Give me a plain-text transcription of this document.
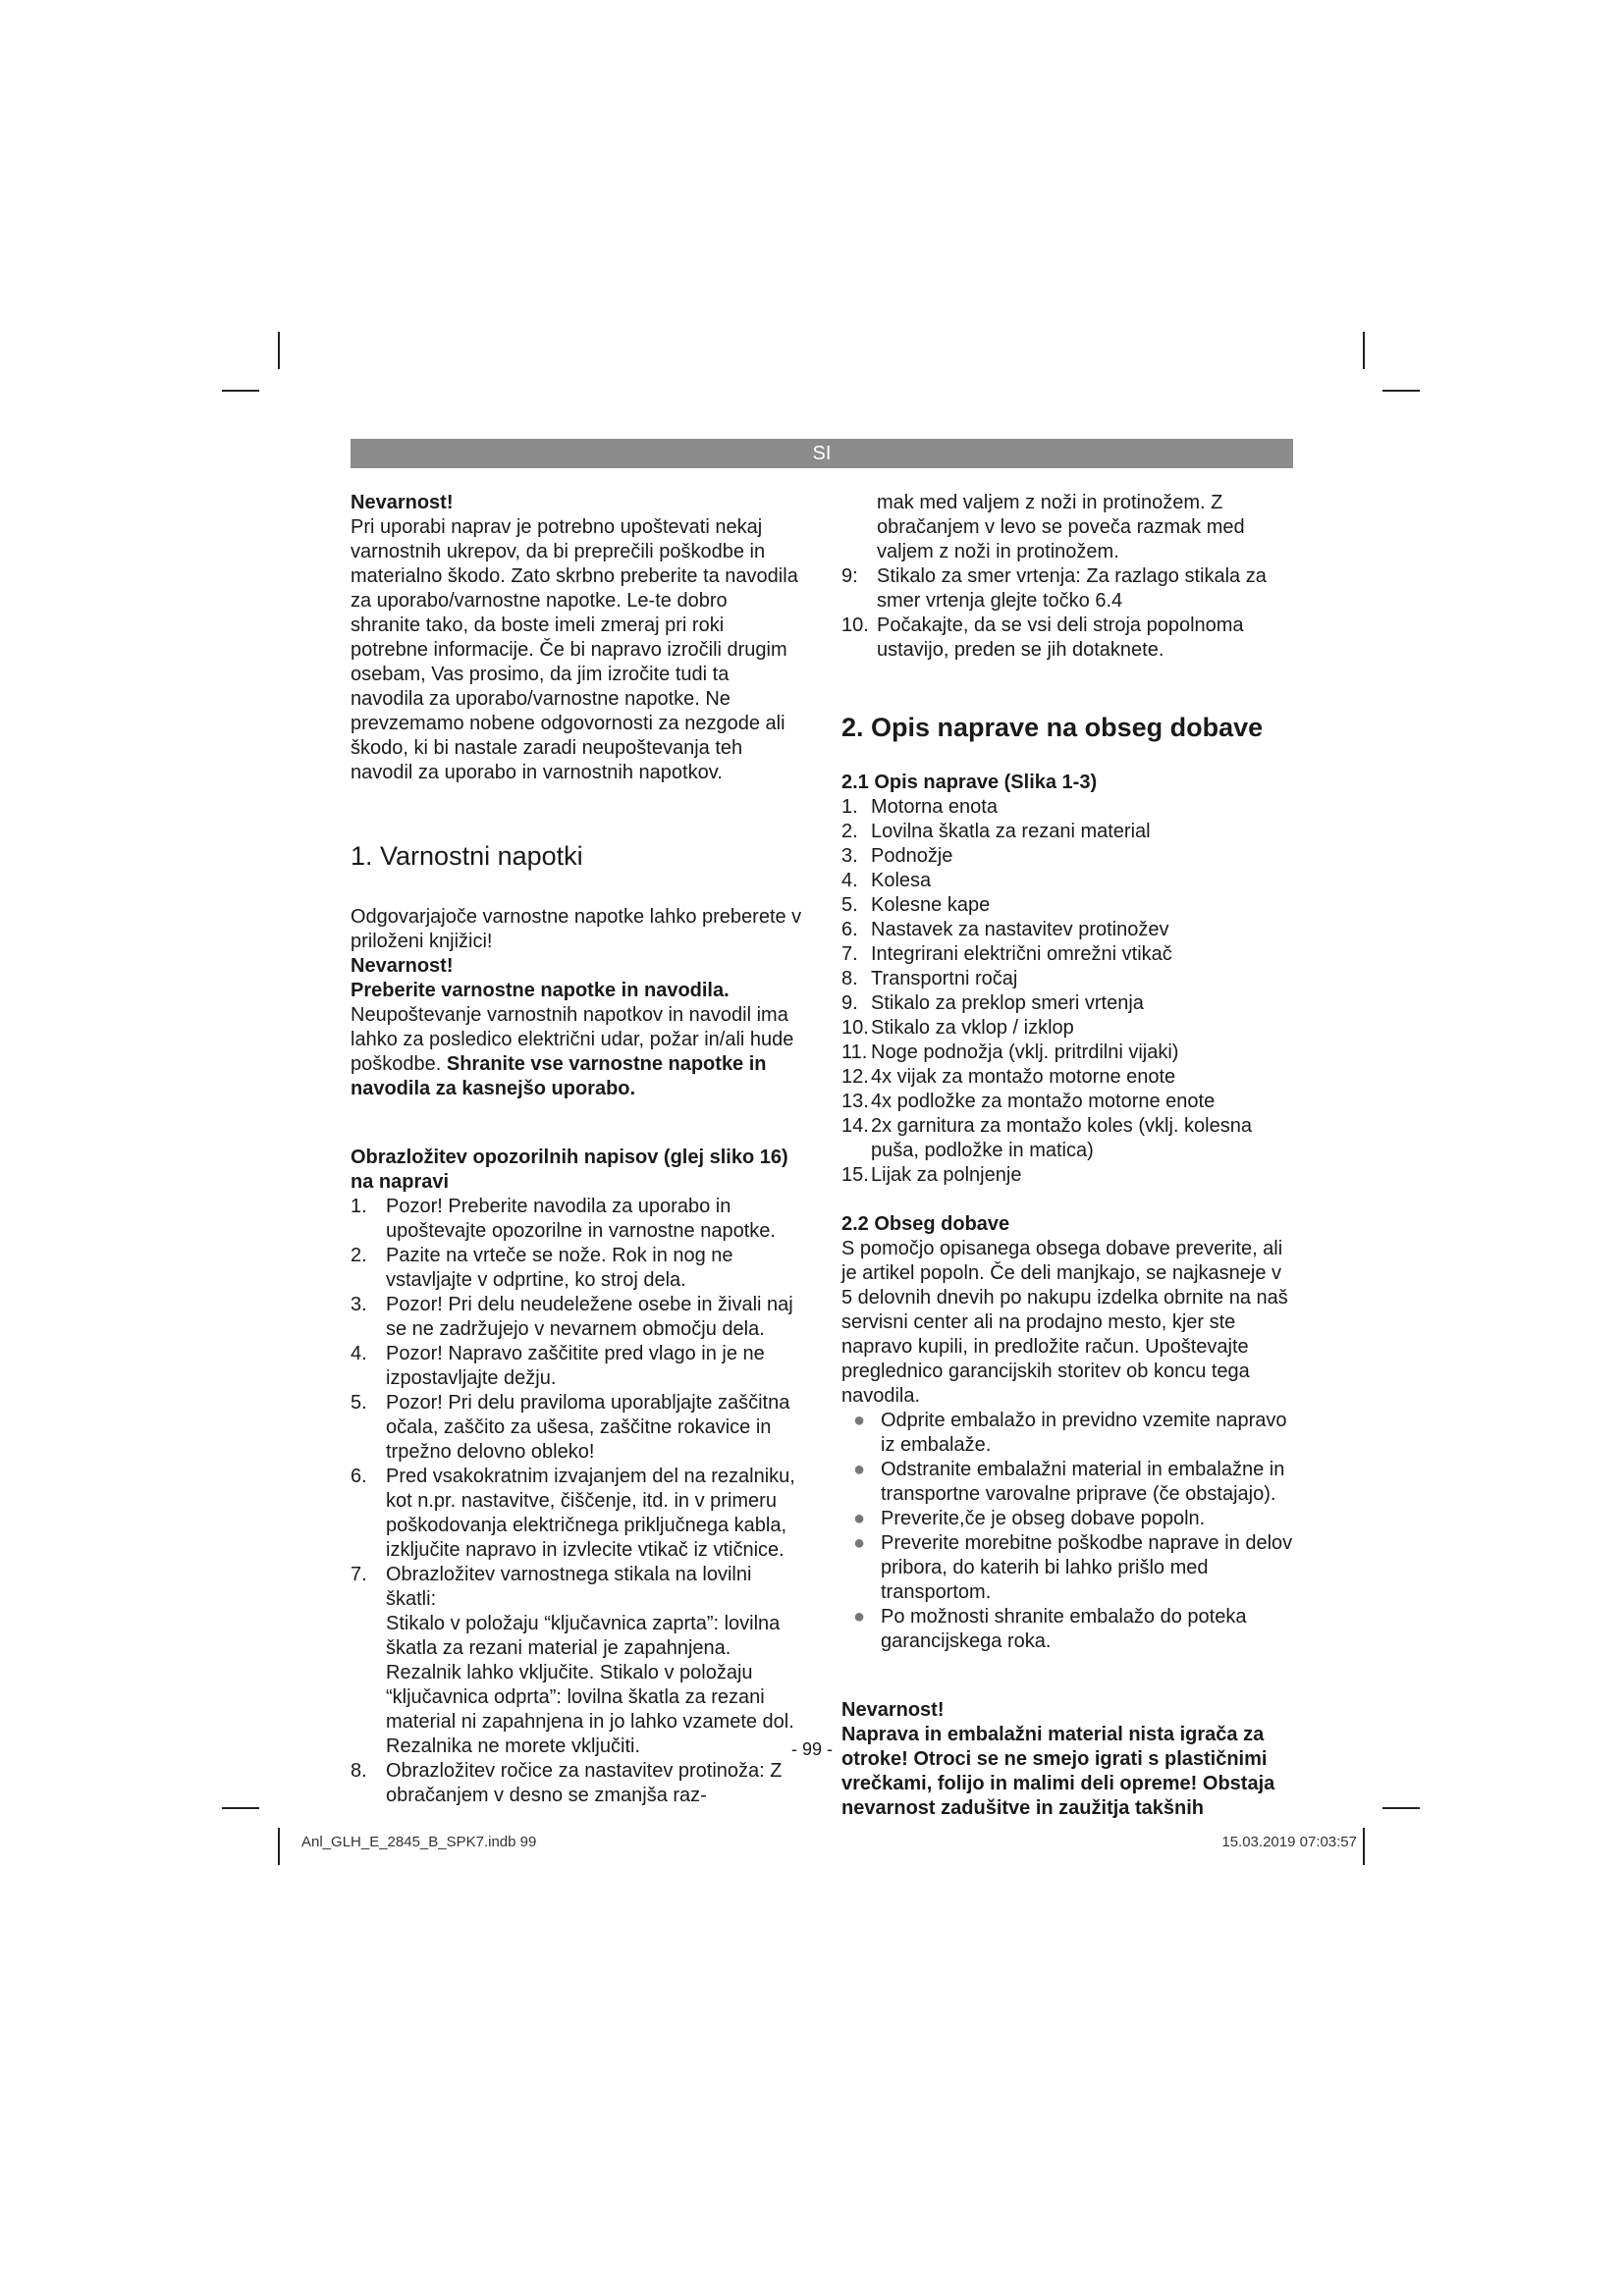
SI

Nevarnost!

Pri uporabi naprav je potrebno upoštevati nekaj varnostnih ukrepov, da bi preprečili poškodbe in materialno škodo. Zato skrbno preberite ta navodila za uporabo/varnostne napotke. Le-te dobro shranite tako, da boste imeli zmeraj pri roki potrebne informacije. Če bi napravo izročili drugim osebam, Vas prosimo, da jim izročite tudi ta navodila za uporabo/varnostne napotke. Ne prevzemamo nobene odgovornosti za nezgode ali škodo, ki bi nastale zaradi neupoštevanja teh navodil za uporabo in varnostnih napotkov.

1. Varnostni napotki

Odgovarjajoče varnostne napotke lahko preberete v priloženi knjižici!

Nevarnost!

Preberite varnostne napotke in navodila.

Neupoštevanje varnostnih napotkov in navodil ima lahko za posledico električni udar, požar in/ali hude poškodbe. Shranite vse varnostne napotke in navodila za kasnejšo uporabo.

Obrazložitev opozorilnih napisov (glej sliko 16) na napravi
1. Pozor! Preberite navodila za uporabo in upoštevajte opozorilne in varnostne napotke.
2. Pazite na vrteče se nože. Rok in nog ne vstavljajte v odprtine, ko stroj dela.
3. Pozor! Pri delu neudeležene osebe in živali naj se ne zadržujejo v nevarnem območju dela.
4. Pozor! Napravo zaščitite pred vlago in je ne izpostavljajte dežju.
5. Pozor! Pri delu praviloma uporabljajte zaščitna očala, zaščito za ušesa, zaščitne rokavice in trpežno delovno obleko!
6. Pred vsakokratnim izvajanjem del na rezalniku, kot n.pr. nastavitve, čiščenje, itd. in v primeru poškodovanja električnega priključnega kabla, izključite napravo in izvlecite vtikač iz vtičnice.
7. Obrazložitev varnostnega stikala na lovilni škatli:
Stikalo v položaju “ključavnica zaprta”: lovilna škatla za rezani material je zapahnjena. Rezalnik lahko vključite. Stikalo v položaju “ključavnica odprta”: lovilna škatla za rezani material ni zapahnjena in jo lahko vzamete dol. Rezalnika ne morete vključiti.
8. Obrazložitev ročice za nastavitev protinoža: Z obračanjem v desno se zmanjša raz-
mak med valjem z noži in protinožem. Z obračanjem v levo se poveča razmak med valjem z noži in protinožem.
9: Stikalo za smer vrtenja: Za razlago stikala za smer vrtenja glejte točko 6.4
10. Počakajte, da se vsi deli stroja popolnoma ustavijo, preden se jih dotaknete.
2. Opis naprave na obseg dobave
2.1 Opis naprave (Slika 1-3)
1. Motorna enota
2. Lovilna škatla za rezani material
3. Podnožje
4. Kolesa
5. Kolesne kape
6. Nastavek za nastavitev protinožev
7. Integrirani električni omrežni vtikač
8. Transportni ročaj
9. Stikalo za preklop smeri vrtenja
10. Stikalo za vklop / izklop
11. Noge podnožja (vklj. pritrdilni vijaki)
12. 4x vijak za montažo motorne enote
13. 4x podložke za montažo motorne enote
14. 2x garnitura za montažo koles (vklj. kolesna puša, podložke in matica)
15. Lijak za polnjenje
2.2 Obseg dobave

S pomočjo opisanega obsega dobave preverite, ali je artikel popoln. Če deli manjkajo, se najkasneje v 5 delovnih dnevih po nakupu izdelka obrnite na naš servisni center ali na prodajno mesto, kjer ste napravo kupili, in predložite račun. Upoštevajte preglednico garancijskih storitev ob koncu tega navodila.

● Odprite embalažo in previdno vzemite napravo iz embalaže.
● Odstranite embalažni material in embalažne in transportne varovalne priprave (če obstajajo).
● Preverite,če je obseg dobave popoln.
● Preverite morebitne poškodbe naprave in delov pribora, do katerih bi lahko prišlo med transportom.
● Po možnosti shranite embalažo do poteka garancijskega roka.

Nevarnost!

Naprava in embalažni material nista igrača za otroke! Otroci se ne smejo igrati s plastičnimi vrečkami, folijo in malimi deli opreme! Obstaja nevarnost zadušitve in zaužitja takšnih

- 99 -
Anl_GLH_E_2845_B_SPK7.indb 99	15.03.2019 07:03:57
